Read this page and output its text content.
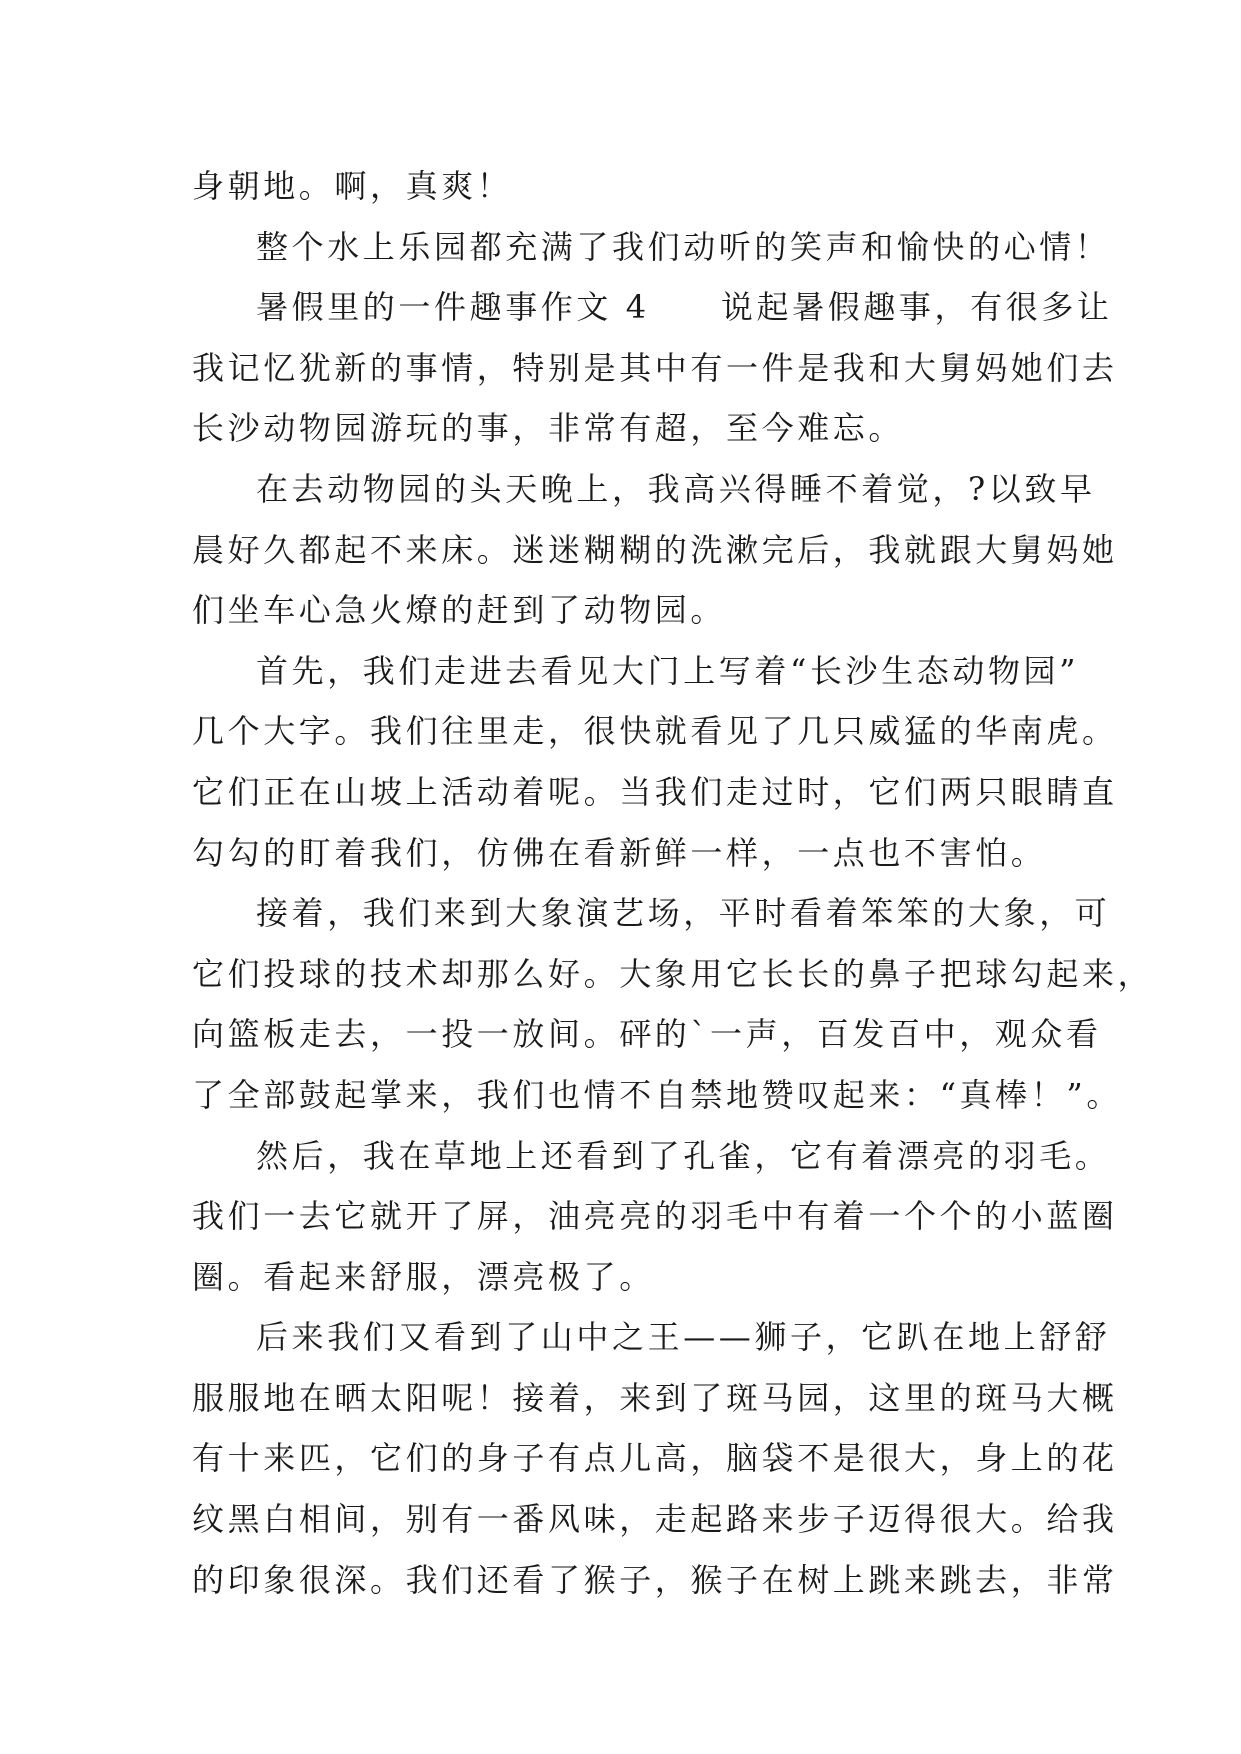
身朝地。啊，真爽！
整个水上乐园都充满了我们动听的笑声和愉快的心情！
暑假里的一件趣事作文 4　　说起暑假趣事，有很多让
我记忆犹新的事情，特别是其中有一件是我和大舅妈她们去
长沙动物园游玩的事，非常有超，至今难忘。
在去动物园的头天晚上，我高兴得睡不着觉，?以致早
晨好久都起不来床。迷迷糊糊的洗漱完后，我就跟大舅妈她
们坐车心急火燎的赶到了动物园。
首先，我们走进去看见大门上写着“长沙生态动物园”
几个大字。我们往里走，很快就看见了几只威猛的华南虎。
它们正在山坡上活动着呢。当我们走过时，它们两只眼睛直
勾勾的盯着我们，仿佛在看新鲜一样，一点也不害怕。
接着，我们来到大象演艺场，平时看着笨笨的大象，可
它们投球的技术却那么好。大象用它长长的鼻子把球勾起来，
向篮板走去，一投一放间。砰的`一声，百发百中，观众看
了全部鼓起掌来，我们也情不自禁地赞叹起来：“真棒！”。
然后，我在草地上还看到了孔雀，它有着漂亮的羽毛。
我们一去它就开了屏，油亮亮的羽毛中有着一个个的小蓝圈
圈。看起来舒服，漂亮极了。
后来我们又看到了山中之王——狮子，它趴在地上舒舒
服服地在晒太阳呢！接着，来到了斑马园，这里的斑马大概
有十来匹，它们的身子有点儿高，脑袋不是很大，身上的花
纹黑白相间，别有一番风味，走起路来步子迈得很大。给我
的印象很深。我们还看了猴子，猴子在树上跳来跳去，非常
